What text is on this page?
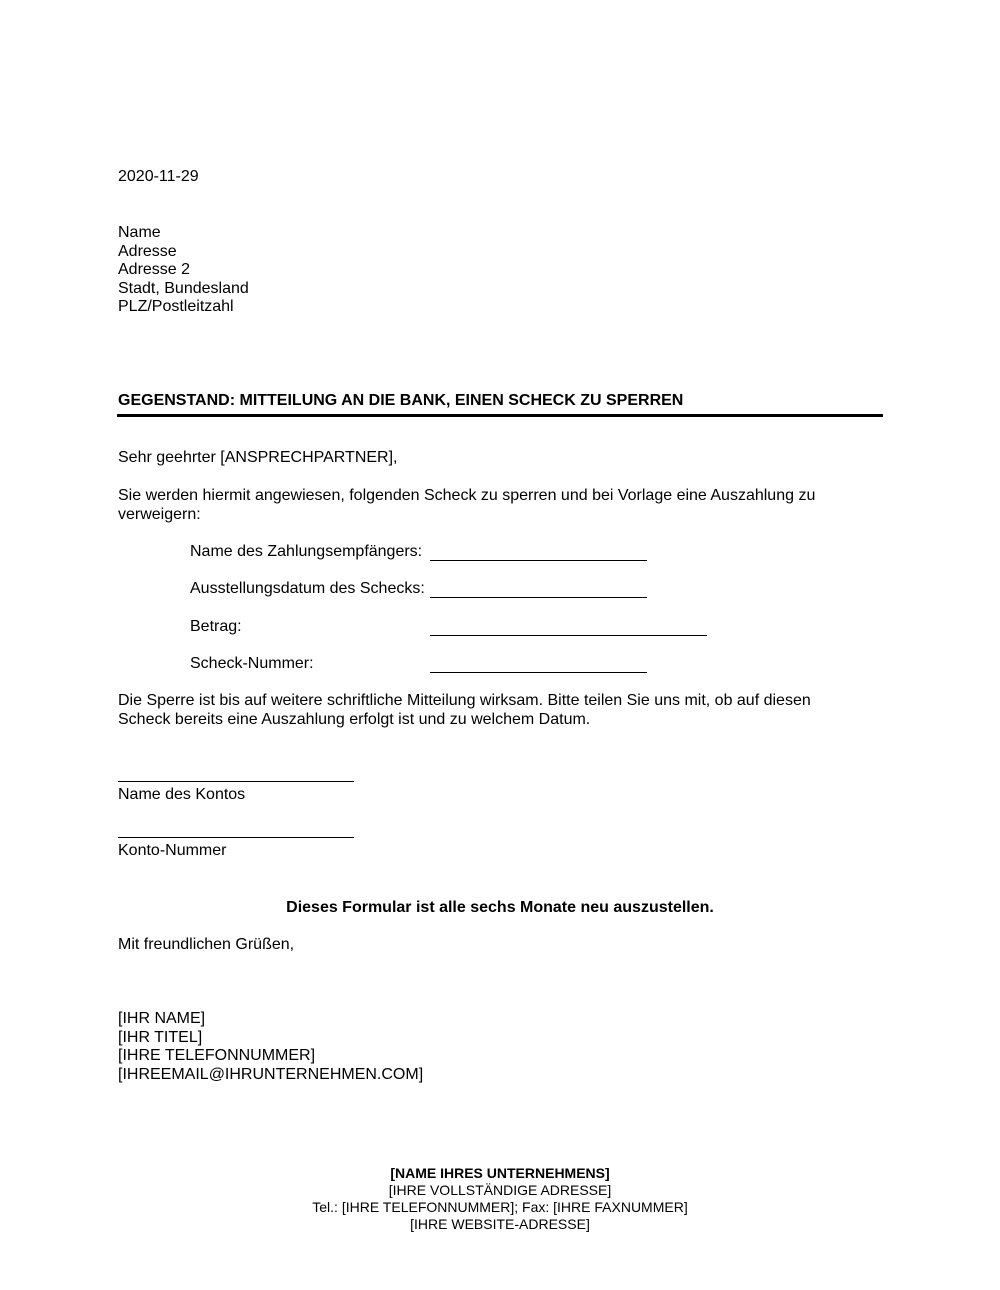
2020-11-29
Name
Adresse
Adresse 2
Stadt, Bundesland
PLZ/Postleitzahl
GEGENSTAND: MITTEILUNG AN DIE BANK, EINEN SCHECK ZU SPERREN
Sehr geehrter [ANSPRECHPARTNER],
Sie werden hiermit angewiesen, folgenden Scheck zu sperren und bei Vorlage eine Auszahlung zu verweigern:
Name des Zahlungsempfängers:
Ausstellungsdatum des Schecks:
Betrag:
Scheck-Nummer:
Die Sperre ist bis auf weitere schriftliche Mitteilung wirksam. Bitte teilen Sie uns mit, ob auf diesen Scheck bereits eine Auszahlung erfolgt ist und zu welchem Datum.
Name des Kontos
Konto-Nummer
Dieses Formular ist alle sechs Monate neu auszustellen.
Mit freundlichen Grüßen,
[IHR NAME]
[IHR TITEL]
[IHRE TELEFONNUMMER]
[IHREEMAIL@IHRUNTERNEHMEN.COM]
[NAME IHRES UNTERNEHMENS]
[IHRE VOLLSTÄNDIGE ADRESSE]
Tel.: [IHRE TELEFONNUMMER]; Fax: [IHRE FAXNUMMER]
[IHRE WEBSITE-ADRESSE]
